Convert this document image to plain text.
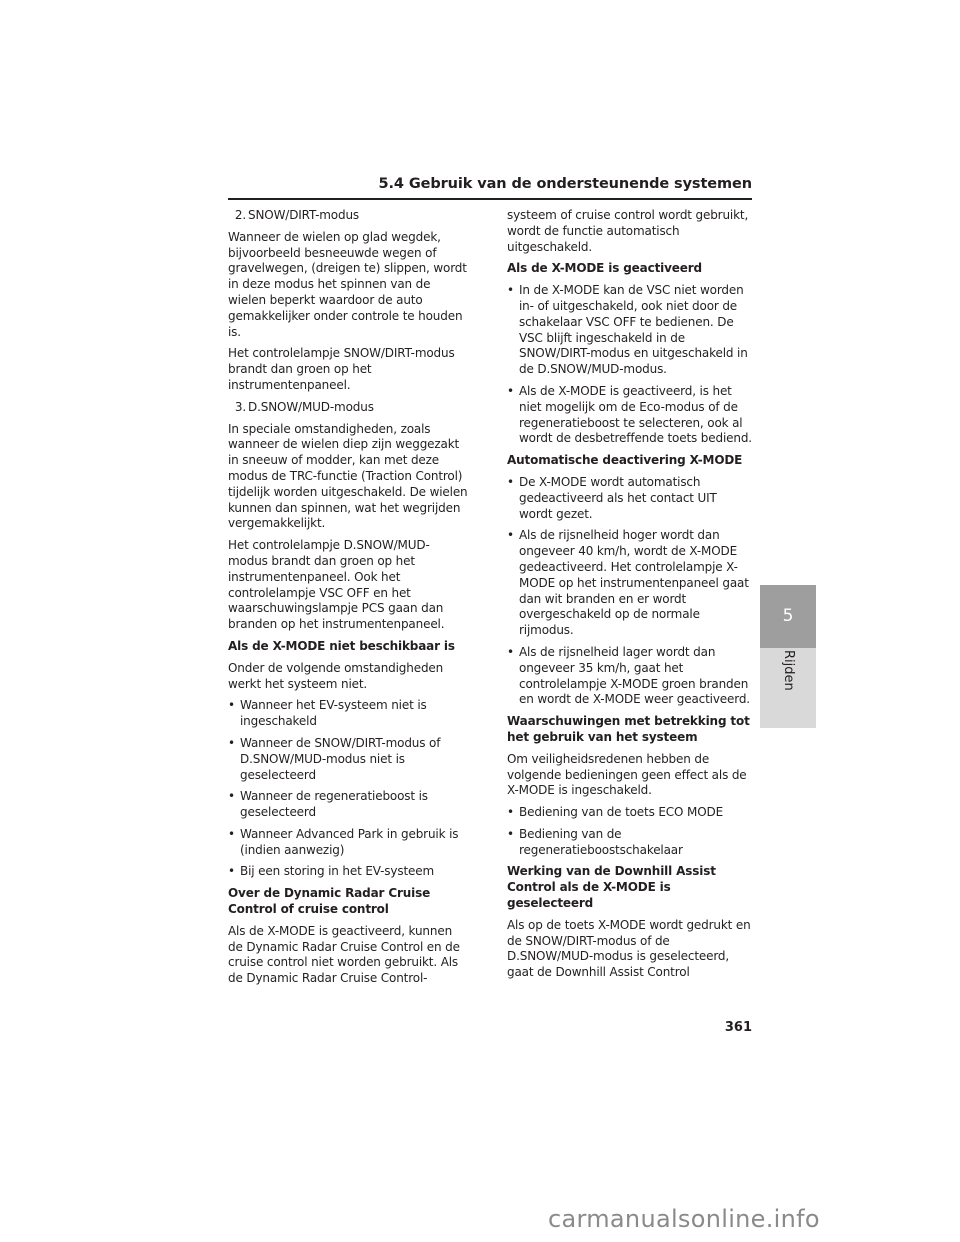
5.4 Gebruik van de ondersteunende systemen
2. SNOW/DIRT-modus

Wanneer de wielen op glad wegdek, bijvoorbeeld besneeuwde wegen of gravelwegen, (dreigen te) slippen, wordt in deze modus het spinnen van de wielen beperkt waardoor de auto gemakkelijker onder controle te houden is.

Het controlelampje SNOW/DIRT-modus brandt dan groen op het instrumentenpaneel.

3. D.SNOW/MUD-modus

In speciale omstandigheden, zoals wanneer de wielen diep zijn weggezakt in sneeuw of modder, kan met deze modus de TRC-functie (Traction Control) tijdelijk worden uitgeschakeld. De wielen kunnen dan spinnen, wat het wegrijden vergemakkelijkt.

Het controlelampje D.SNOW/MUD-modus brandt dan groen op het instrumentenpaneel. Ook het controlelampje VSC OFF en het waarschuwingslampje PCS gaan dan branden op het instrumentenpaneel.

Als de X-MODE niet beschikbaar is

Onder de volgende omstandigheden werkt het systeem niet.

• Wanneer het EV-systeem niet is ingeschakeld
• Wanneer de SNOW/DIRT-modus of D.SNOW/MUD-modus niet is geselecteerd
• Wanneer de regeneratieboost is geselecteerd
• Wanneer Advanced Park in gebruik is (indien aanwezig)
• Bij een storing in het EV-systeem

Over de Dynamic Radar Cruise Control of cruise control

Als de X-MODE is geactiveerd, kunnen de Dynamic Radar Cruise Control en de cruise control niet worden gebruikt. Als de Dynamic Radar Cruise Control-

systeem of cruise control wordt gebruikt, wordt de functie automatisch uitgeschakeld.

Als de X-MODE is geactiveerd

• In de X-MODE kan de VSC niet worden in- of uitgeschakeld, ook niet door de schakelaar VSC OFF te bedienen. De VSC blijft ingeschakeld in de SNOW/DIRT-modus en uitgeschakeld in de D.SNOW/MUD-modus.
• Als de X-MODE is geactiveerd, is het niet mogelijk om de Eco-modus of de regeneratieboost te selecteren, ook al wordt de desbetreffende toets bediend.

Automatische deactivering X-MODE

• De X-MODE wordt automatisch gedeactiveerd als het contact UIT wordt gezet.
• Als de rijsnelheid hoger wordt dan ongeveer 40 km/h, wordt de X-MODE gedeactiveerd. Het controlelampje X-MODE op het instrumentenpaneel gaat dan wit branden en er wordt overgeschakeld op de normale rijmodus.
• Als de rijsnelheid lager wordt dan ongeveer 35 km/h, gaat het controlelampje X-MODE groen branden en wordt de X-MODE weer geactiveerd.

Waarschuwingen met betrekking tot het gebruik van het systeem

Om veiligheidsredenen hebben de volgende bedieningen geen effect als de X-MODE is ingeschakeld.

• Bediening van de toets ECO MODE
• Bediening van de regeneratieboostschakelaar

Werking van de Downhill Assist Control als de X-MODE is geselecteerd

Als op de toets X-MODE wordt gedrukt en de SNOW/DIRT-modus of de D.SNOW/MUD-modus is geselecteerd, gaat de Downhill Assist Control

5
Rijden
361
carmanualsonline.info
